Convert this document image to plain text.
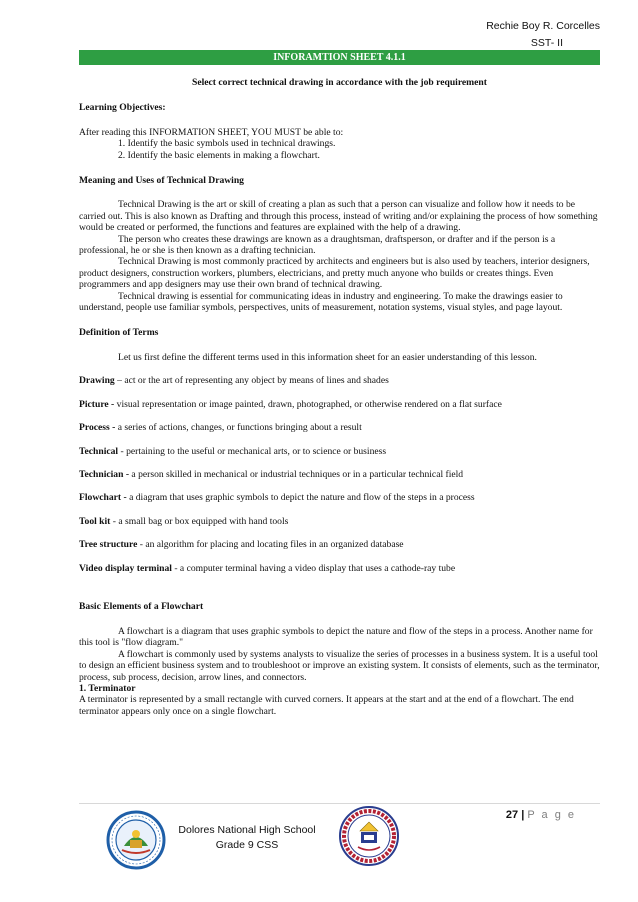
Rechie Boy R. Corcelles
SST- II
INFORAMTION SHEET 4.1.1

Select correct technical drawing in accordance with the job requirement

Learning Objectives:

After reading this INFORMATION SHEET, YOU MUST be able to:

1. Identify the basic symbols used in technical drawings.

2. Identify the basic elements in making a flowchart.

Meaning and Uses of Technical Drawing

Technical Drawing is the art or skill of creating a plan as such that a person can visualize and follow how it needs to be carried out. This is also known as Drafting and through this process, instead of writing and/or explaining the process of how something would be created or performed, the functions and features are explained with the help of a drawing.

The person who creates these drawings are known as a draughtsman, draftsperson, or drafter and if the person is a professional, he or she is then known as a drafting technician.

Technical Drawing is most commonly practiced by architects and engineers but is also used by teachers, interior designers, product designers, construction workers, plumbers, electricians, and pretty much anyone who builds or creates things. Even programmers and app designers may use their own brand of technical drawing.

Technical drawing is essential for communicating ideas in industry and engineering. To make the drawings easier to understand, people use familiar symbols, perspectives, units of measurement, notation systems, visual styles, and page layout.

Definition of Terms

Let us first define the different terms used in this information sheet for an easier understanding of this lesson.

Drawing – act or the art of representing any object by means of lines and shades

Picture - visual representation or image painted, drawn, photographed, or otherwise rendered on a flat surface

Process - a series of actions, changes, or functions bringing about a result

Technical - pertaining to the useful or mechanical arts, or to science or business

Technician - a person skilled in mechanical or industrial techniques or in a particular technical field

Flowchart - a diagram that uses graphic symbols to depict the nature and flow of the steps in a process

Tool kit - a small bag or box equipped with hand tools

Tree structure - an algorithm for placing and locating files in an organized database

Video display terminal - a computer terminal having a video display that uses a cathode-ray tube

Basic Elements of a Flowchart

A flowchart is a diagram that uses graphic symbols to depict the nature and flow of the steps in a process. Another name for this tool is "flow diagram."

A flowchart is commonly used by systems analysts to visualize the series of processes in a business system. It is a useful tool to design an efficient business system and to troubleshoot or improve an existing system. It consists of elements, such as the terminator, process, sub process, decision, arrow lines, and connectors.

1. Terminator

A terminator is represented by a small rectangle with curved corners. It appears at the start and at the end of a flowchart. The end terminator appears only once on a single flowchart.

27 | P a g e
Dolores National High School
Grade 9 CSS
